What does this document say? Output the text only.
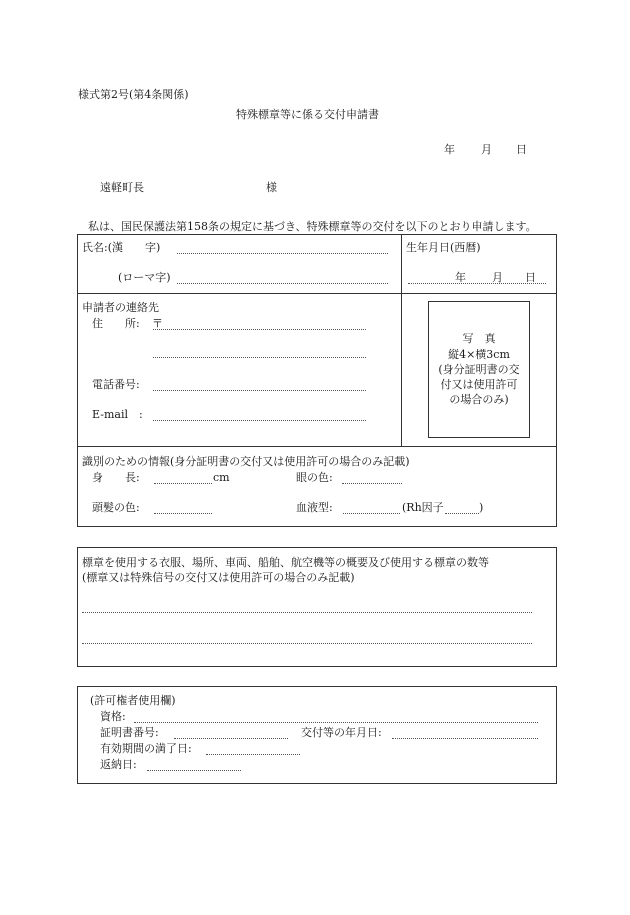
様式第2号(第4条関係)
特殊標章等に係る交付申請書
年 月 日
遠軽町長	様
私は、国民保護法第158条の規定に基づき、特殊標章等の交付を以下のとおり申請します。
氏名:(漢　　字)
(ローマ字)
生年月日(西暦)
年 月 日
申請者の連絡先
住　　所: 〒
電話番号:
E-mail　:
写　真
縦4×横3cm
(身分証明書の交付又は使用許可の場合のみ)
識別のための情報(身分証明書の交付又は使用許可の場合のみ記載)
身　　長:	cm	眼の色:
頭髪の色:	血液型:	(Rh因子	)
標章を使用する衣服、場所、車両、船舶、航空機等の概要及び使用する標章の数等
(標章又は特殊信号の交付又は使用許可の場合のみ記載)
(許可権者使用欄)
資格:
証明書番号:	交付等の年月日:
有効期間の満了日:
返納日:
